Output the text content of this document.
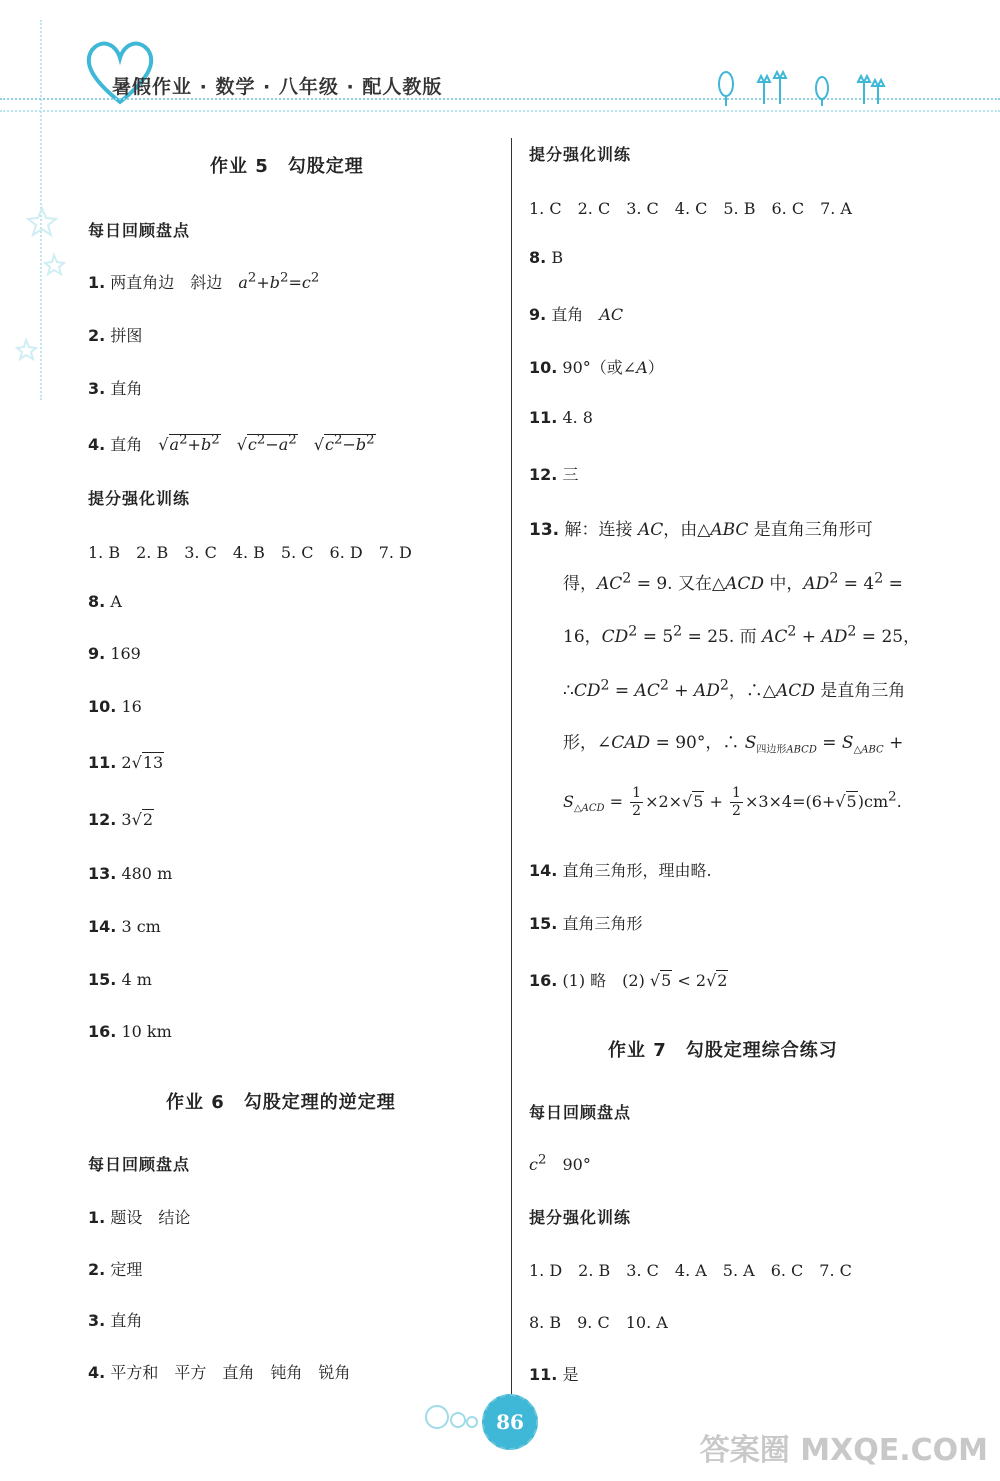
暑假作业 · 数学 · 八年级 · 配人教版
作业 5　勾股定理
每日回顾盘点
1. 两直角边　斜边　$a^2+b^2=c^2$
2. 拼图
3. 直角
4. 直角　$√a^2+b^2$　$√c^2-a^2$　$√c^2-b^2$
提分强化训练
1. B　2. B　3. C　4. B　5. C　6. D　7. D
8. A
9. 169
10. 16
11. 2√13
12. 3√2
13. 480 m
14. 3 cm
15. 4 m
16. 10 km
作业 6　勾股定理的逆定理
每日回顾盘点
1. 题设　结论
2. 定理
3. 直角
4. 平方和　平方　直角　钝角　锐角
提分强化训练
1. C　2. C　3. C　4. C　5. B　6. C　7. A
8. B
9. 直角　AC
10. 90°（或∠A）
11. 4. 8
12. 三
13. 解：连接 AC，由△ABC 是直角三角形可
得，$AC^2 = 9$. 又在△ACD 中，$AD^2 = 4^2$ =
16，$CD^2 = 5^2 = 25$. 而 $AC^2 + AD^2 = 25$，
$\therefore CD^2 = AC^2 + AD^2$，∴△ACD 是直角三角
形，∠CAD = 90°，∴ $S_{四边形ABCD} = S_{\triangle ABC}$ +
$S_{\triangle ACD} = \frac{1}{2} \times 2\times√5 + \frac{1}{2} \times 3\times 4=(6+√5)cm^2$.
14. 直角三角形，理由略.
15. 直角三角形
16. (1) 略　(2) √5 < 2√2
作业 7　勾股定理综合练习
每日回顾盘点
$c^2$　90°
提分强化训练
1. D　2. B　3. C　4. A　5. A　6. C　7. C
8. B　9. C　10. A
11. 是
86
答案圈 MXQE.COM
